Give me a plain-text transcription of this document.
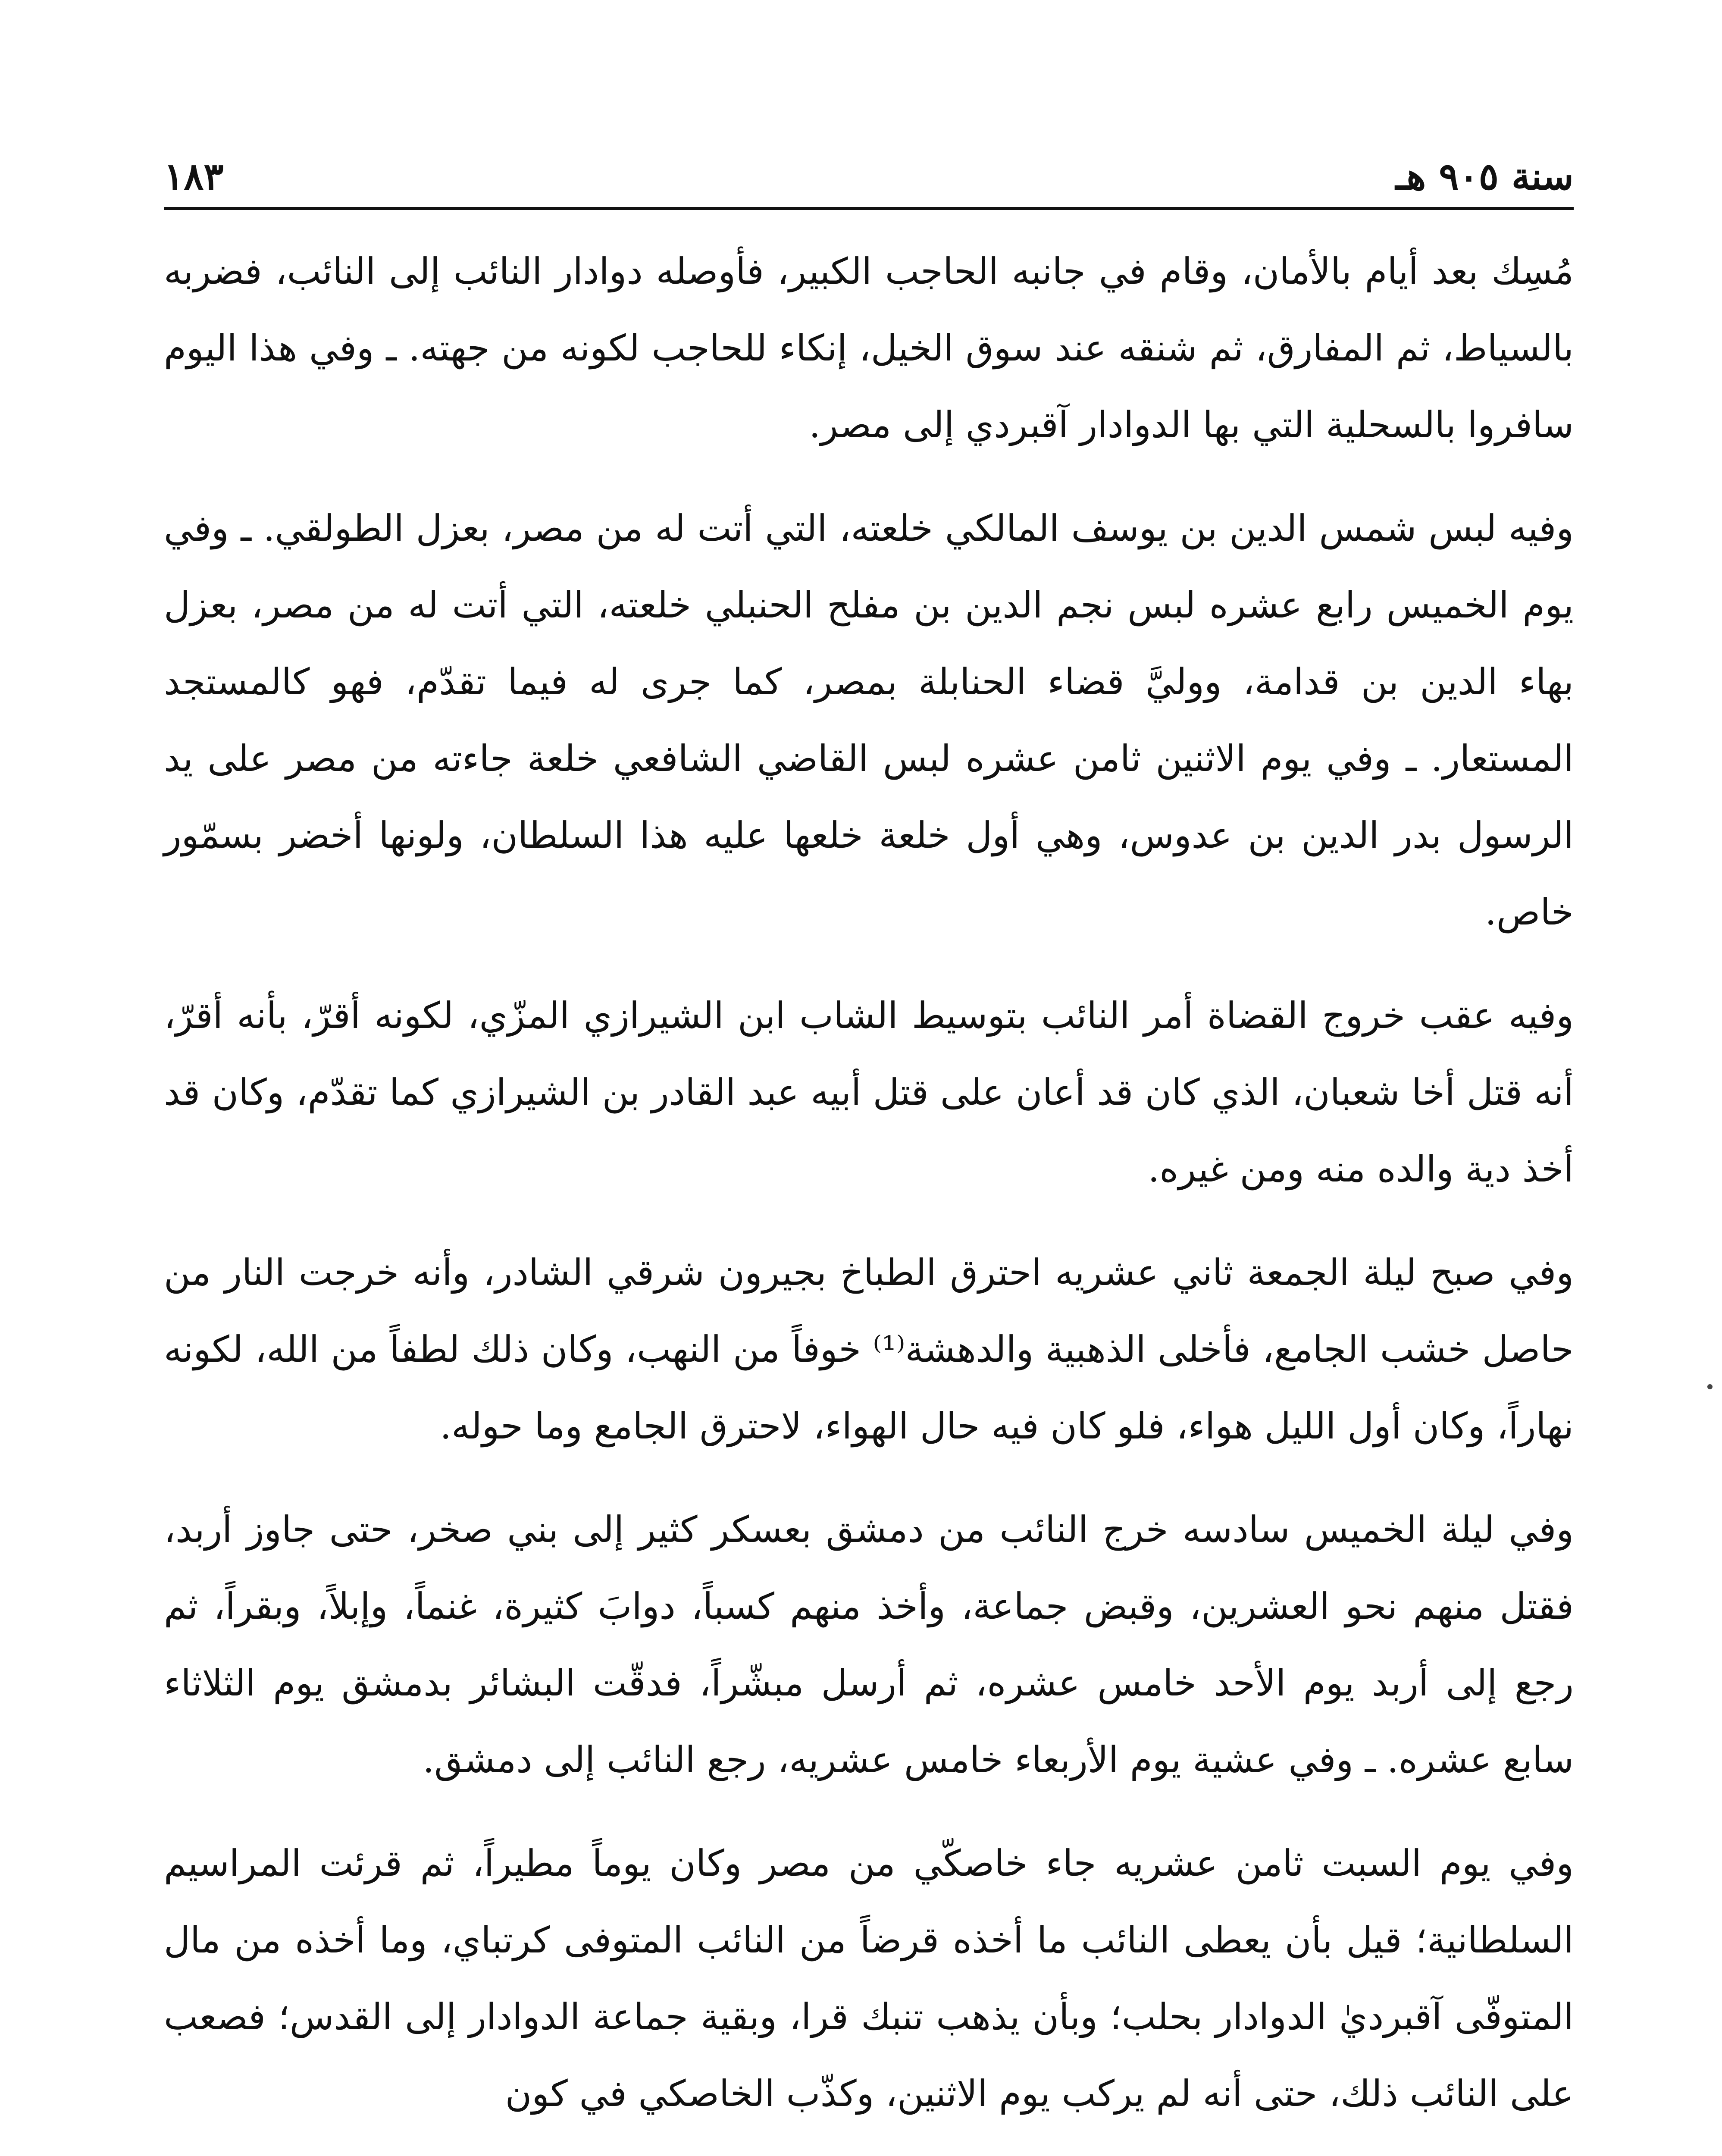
سنة ٩٠٥ هـ
١٨٣

مُسِك بعد أيام بالأمان، وقام في جانبه الحاجب الكبير، فأوصله دوادار النائب إلى النائب، فضربه بالسياط، ثم المفارق، ثم شنقه عند سوق الخيل، إنكاء للحاجب لكونه من جهته. ـ وفي هذا اليوم سافروا بالسحلية التي بها الدوادار آقبردي إلى مصر.

وفيه لبس شمس الدين بن يوسف المالكي خلعته، التي أتت له من مصر، بعزل الطولقي. ـ وفي يوم الخميس رابع عشره لبس نجم الدين بن مفلح الحنبلي خلعته، التي أتت له من مصر، بعزل بهاء الدين بن قدامة، ووليَّ قضاء الحنابلة بمصر، كما جرى له فيما تقدّم، فهو كالمستجد المستعار. ـ وفي يوم الاثنين ثامن عشره لبس القاضي الشافعي خلعة جاءته من مصر على يد الرسول بدر الدين بن عدوس، وهي أول خلعة خلعها عليه هذا السلطان، ولونها أخضر بسمّور خاص.

وفيه عقب خروج القضاة أمر النائب بتوسيط الشاب ابن الشيرازي المزّي، لكونه أقرّ، بأنه أقرّ، أنه قتل أخا شعبان، الذي كان قد أعان على قتل أبيه عبد القادر بن الشيرازي كما تقدّم، وكان قد أخذ دية والده منه ومن غيره.

وفي صبح ليلة الجمعة ثاني عشريه احترق الطباخ بجيرون شرقي الشادر، وأنه خرجت النار من حاصل خشب الجامع، فأخلى الذهبية والدهشة⁽¹⁾ خوفاً من النهب، وكان ذلك لطفاً من الله، لكونه نهاراً، وكان أول الليل هواء، فلو كان فيه حال الهواء، لاحترق الجامع وما حوله.

وفي ليلة الخميس سادسه خرج النائب من دمشق بعسكر كثير إلى بني صخر، حتى جاوز أربد، فقتل منهم نحو العشرين، وقبض جماعة، وأخذ منهم كسباً، دوابَ كثيرة، غنماً، وإبلاً، وبقراً، ثم رجع إلى أربد يوم الأحد خامس عشره، ثم أرسل مبشّراً، فدقّت البشائر بدمشق يوم الثلاثاء سابع عشره. ـ وفي عشية يوم الأربعاء خامس عشريه، رجع النائب إلى دمشق.

وفي يوم السبت ثامن عشريه جاء خاصكّي من مصر وكان يوماً مطيراً، ثم قرئت المراسيم السلطانية؛ قيل بأن يعطى النائب ما أخذه قرضاً من النائب المتوفى كرتباي، وما أخذه من مال المتوفّى آقبرديٰ الدوادار بحلب؛ وبأن يذهب تنبك قرا، وبقية جماعة الدوادار إلى القدس؛ فصعب على النائب ذلك، حتى أنه لم يركب يوم الاثنين، وكذّب الخاصكي في كون
